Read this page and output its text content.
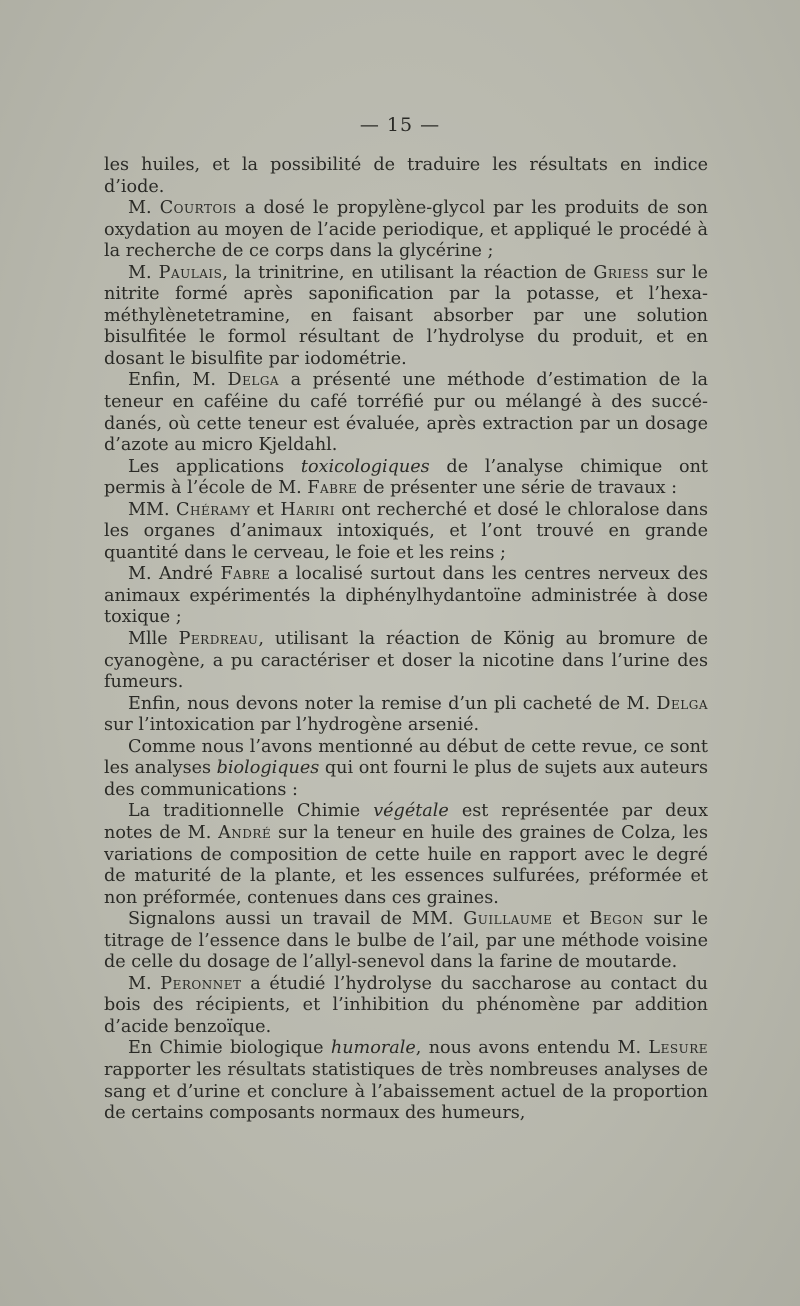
— 15 —

les huiles, et la possibilité de traduire les résultats en indice d’iode.

M. Courtois a dosé le propylène-glycol par les produits de son oxydation au moyen de l’acide periodique, et appliqué le procédé à la recherche de ce corps dans la glycérine ;

M. Paulais, la trinitrine, en utilisant la réaction de Griess sur le nitrite formé après saponification par la potasse, et l’hexaméthylènetetramine, en faisant absorber par une solution bisulfitée le formol résultant de l’hydrolyse du produit, et en dosant le bisulfite par iodométrie.

Enfin, M. Delga a présenté une méthode d’estimation de la teneur en caféine du café torréfié pur ou mélangé à des succédanés, où cette teneur est évaluée, après extraction par un dosage d’azote au micro Kjeldahl.

Les applications toxicologiques de l’analyse chimique ont permis à l’école de M. Fabre de présenter une série de travaux :

MM. Chéramy et Hariri ont recherché et dosé le chloralose dans les organes d’animaux intoxiqués, et l’ont trouvé en grande quantité dans le cerveau, le foie et les reins ;

M. André Fabre a localisé surtout dans les centres nerveux des animaux expérimentés la diphénylhydantoïne administrée à dose toxique ;

Mlle Perdreau, utilisant la réaction de König au bromure de cyanogène, a pu caractériser et doser la nicotine dans l’urine des fumeurs.

Enfin, nous devons noter la remise d’un pli cacheté de M. Delga sur l’intoxication par l’hydrogène arsenié.

Comme nous l’avons mentionné au début de cette revue, ce sont les analyses biologiques qui ont fourni le plus de sujets aux auteurs des communications :

La traditionnelle Chimie végétale est représentée par deux notes de M. André sur la teneur en huile des graines de Colza, les variations de composition de cette huile en rapport avec le degré de maturité de la plante, et les essences sulfurées, préformée et non préformée, contenues dans ces graines.

Signalons aussi un travail de MM. Guillaume et Begon sur le titrage de l’essence dans le bulbe de l’ail, par une méthode voisine de celle du dosage de l’allyl-senevol dans la farine de moutarde.

M. Peronnet a étudié l’hydrolyse du saccharose au contact du bois des récipients, et l’inhibition du phénomène par addition d’acide benzoïque.

En Chimie biologique humorale, nous avons entendu M. Lesure rapporter les résultats statistiques de très nombreuses analyses de sang et d’urine et conclure à l’abaissement actuel de la proportion de certains composants normaux des humeurs,
